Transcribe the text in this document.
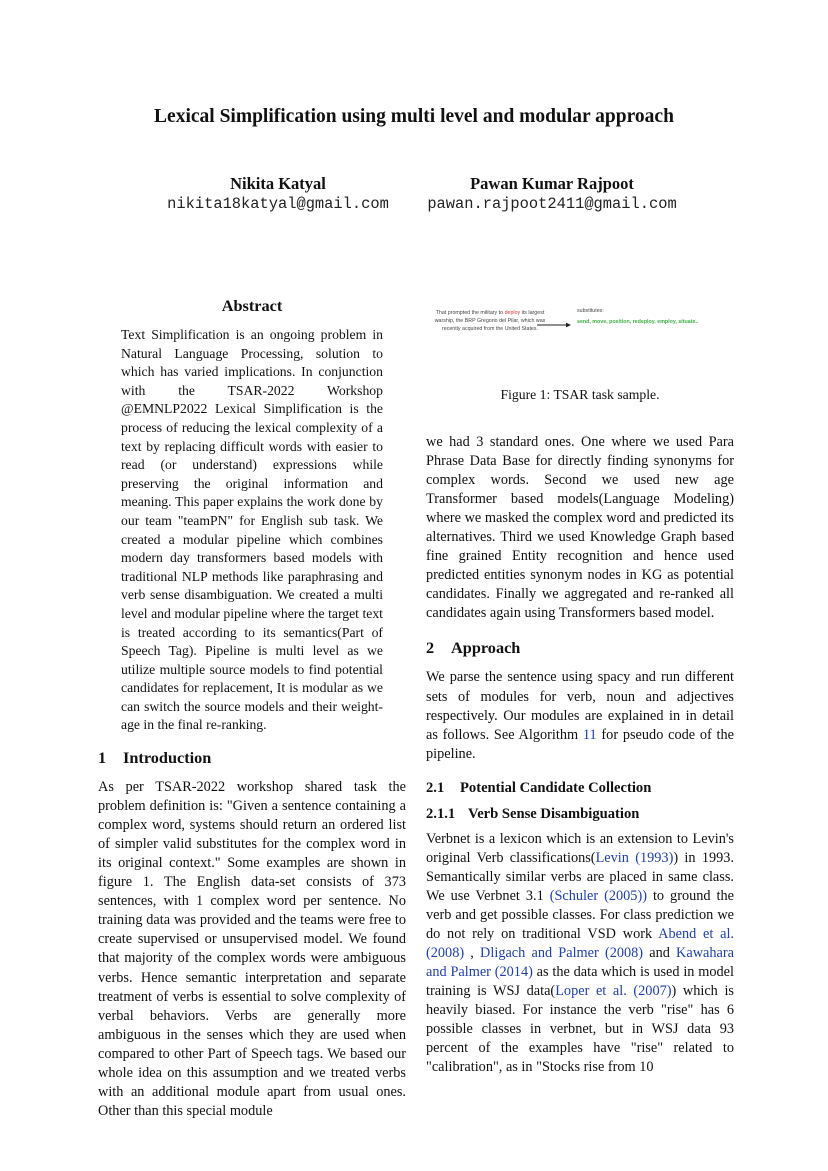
Lexical Simplification using multi level and modular approach
Nikita Katyal
nikita18katyal@gmail.com
Pawan Kumar Rajpoot
pawan.rajpoot2411@gmail.com
Abstract

Text Simplification is an ongoing problem in Natural Language Processing, solution to which has varied implications. In conjunction with the TSAR-2022 Workshop @EMNLP2022 Lexical Simplification is the process of reducing the lexical complexity of a text by replacing difficult words with easier to read (or understand) expressions while preserving the original information and meaning. This paper explains the work done by our team "teamPN" for English sub task. We created a modular pipeline which combines modern day transformers based models with traditional NLP methods like paraphrasing and verb sense disambiguation. We created a multi level and modular pipeline where the target text is treated according to its semantics(Part of Speech Tag). Pipeline is multi level as we utilize multiple source models to find potential candidates for replacement, It is modular as we can switch the source models and their weight-age in the final re-ranking.

1 Introduction

As per TSAR-2022 workshop shared task the problem definition is: "Given a sentence containing a complex word, systems should return an ordered list of simpler valid substitutes for the complex word in its original context." Some examples are shown in figure 1. The English data-set consists of 373 sentences, with 1 complex word per sentence. No training data was provided and the teams were free to create supervised or unsupervised model. We found that majority of the complex words were ambiguous verbs. Hence semantic interpretation and separate treatment of verbs is essential to solve complexity of verbal behaviors. Verbs are generally more ambiguous in the senses which they are used when compared to other Part of Speech tags. We based our whole idea on this assumption and we treated verbs with an additional module apart from usual ones. Other than this special module

That prompted the military to deploy its largest warship, the BRP Gregorio del Pilar, which was recently acquired from the United States.
substitutes:
send, move, position, redeploy, employ, situate..
Figure 1: TSAR task sample.

we had 3 standard ones. One where we used Para Phrase Data Base for directly finding synonyms for complex words. Second we used new age Transformer based models(Language Modeling) where we masked the complex word and predicted its alternatives. Third we used Knowledge Graph based fine grained Entity recognition and hence used predicted entities synonym nodes in KG as potential candidates. Finally we aggregated and re-ranked all candidates again using Transformers based model.

2 Approach

We parse the sentence using spacy and run different sets of modules for verb, noun and adjectives respectively. Our modules are explained in in detail as follows. See Algorithm 11 for pseudo code of the pipeline.

2.1 Potential Candidate Collection
2.1.1 Verb Sense Disambiguation

Verbnet is a lexicon which is an extension to Levin's original Verb classifications(Levin (1993)) in 1993. Semantically similar verbs are placed in same class. We use Verbnet 3.1 (Schuler (2005)) to ground the verb and get possible classes. For class prediction we do not rely on traditional VSD work Abend et al. (2008) , Dligach and Palmer (2008) and Kawahara and Palmer (2014) as the data which is used in model training is WSJ data(Loper et al. (2007)) which is heavily biased. For instance the verb "rise" has 6 possible classes in verbnet, but in WSJ data 93 percent of the examples have "rise" related to "calibration", as in "Stocks rise from 10
